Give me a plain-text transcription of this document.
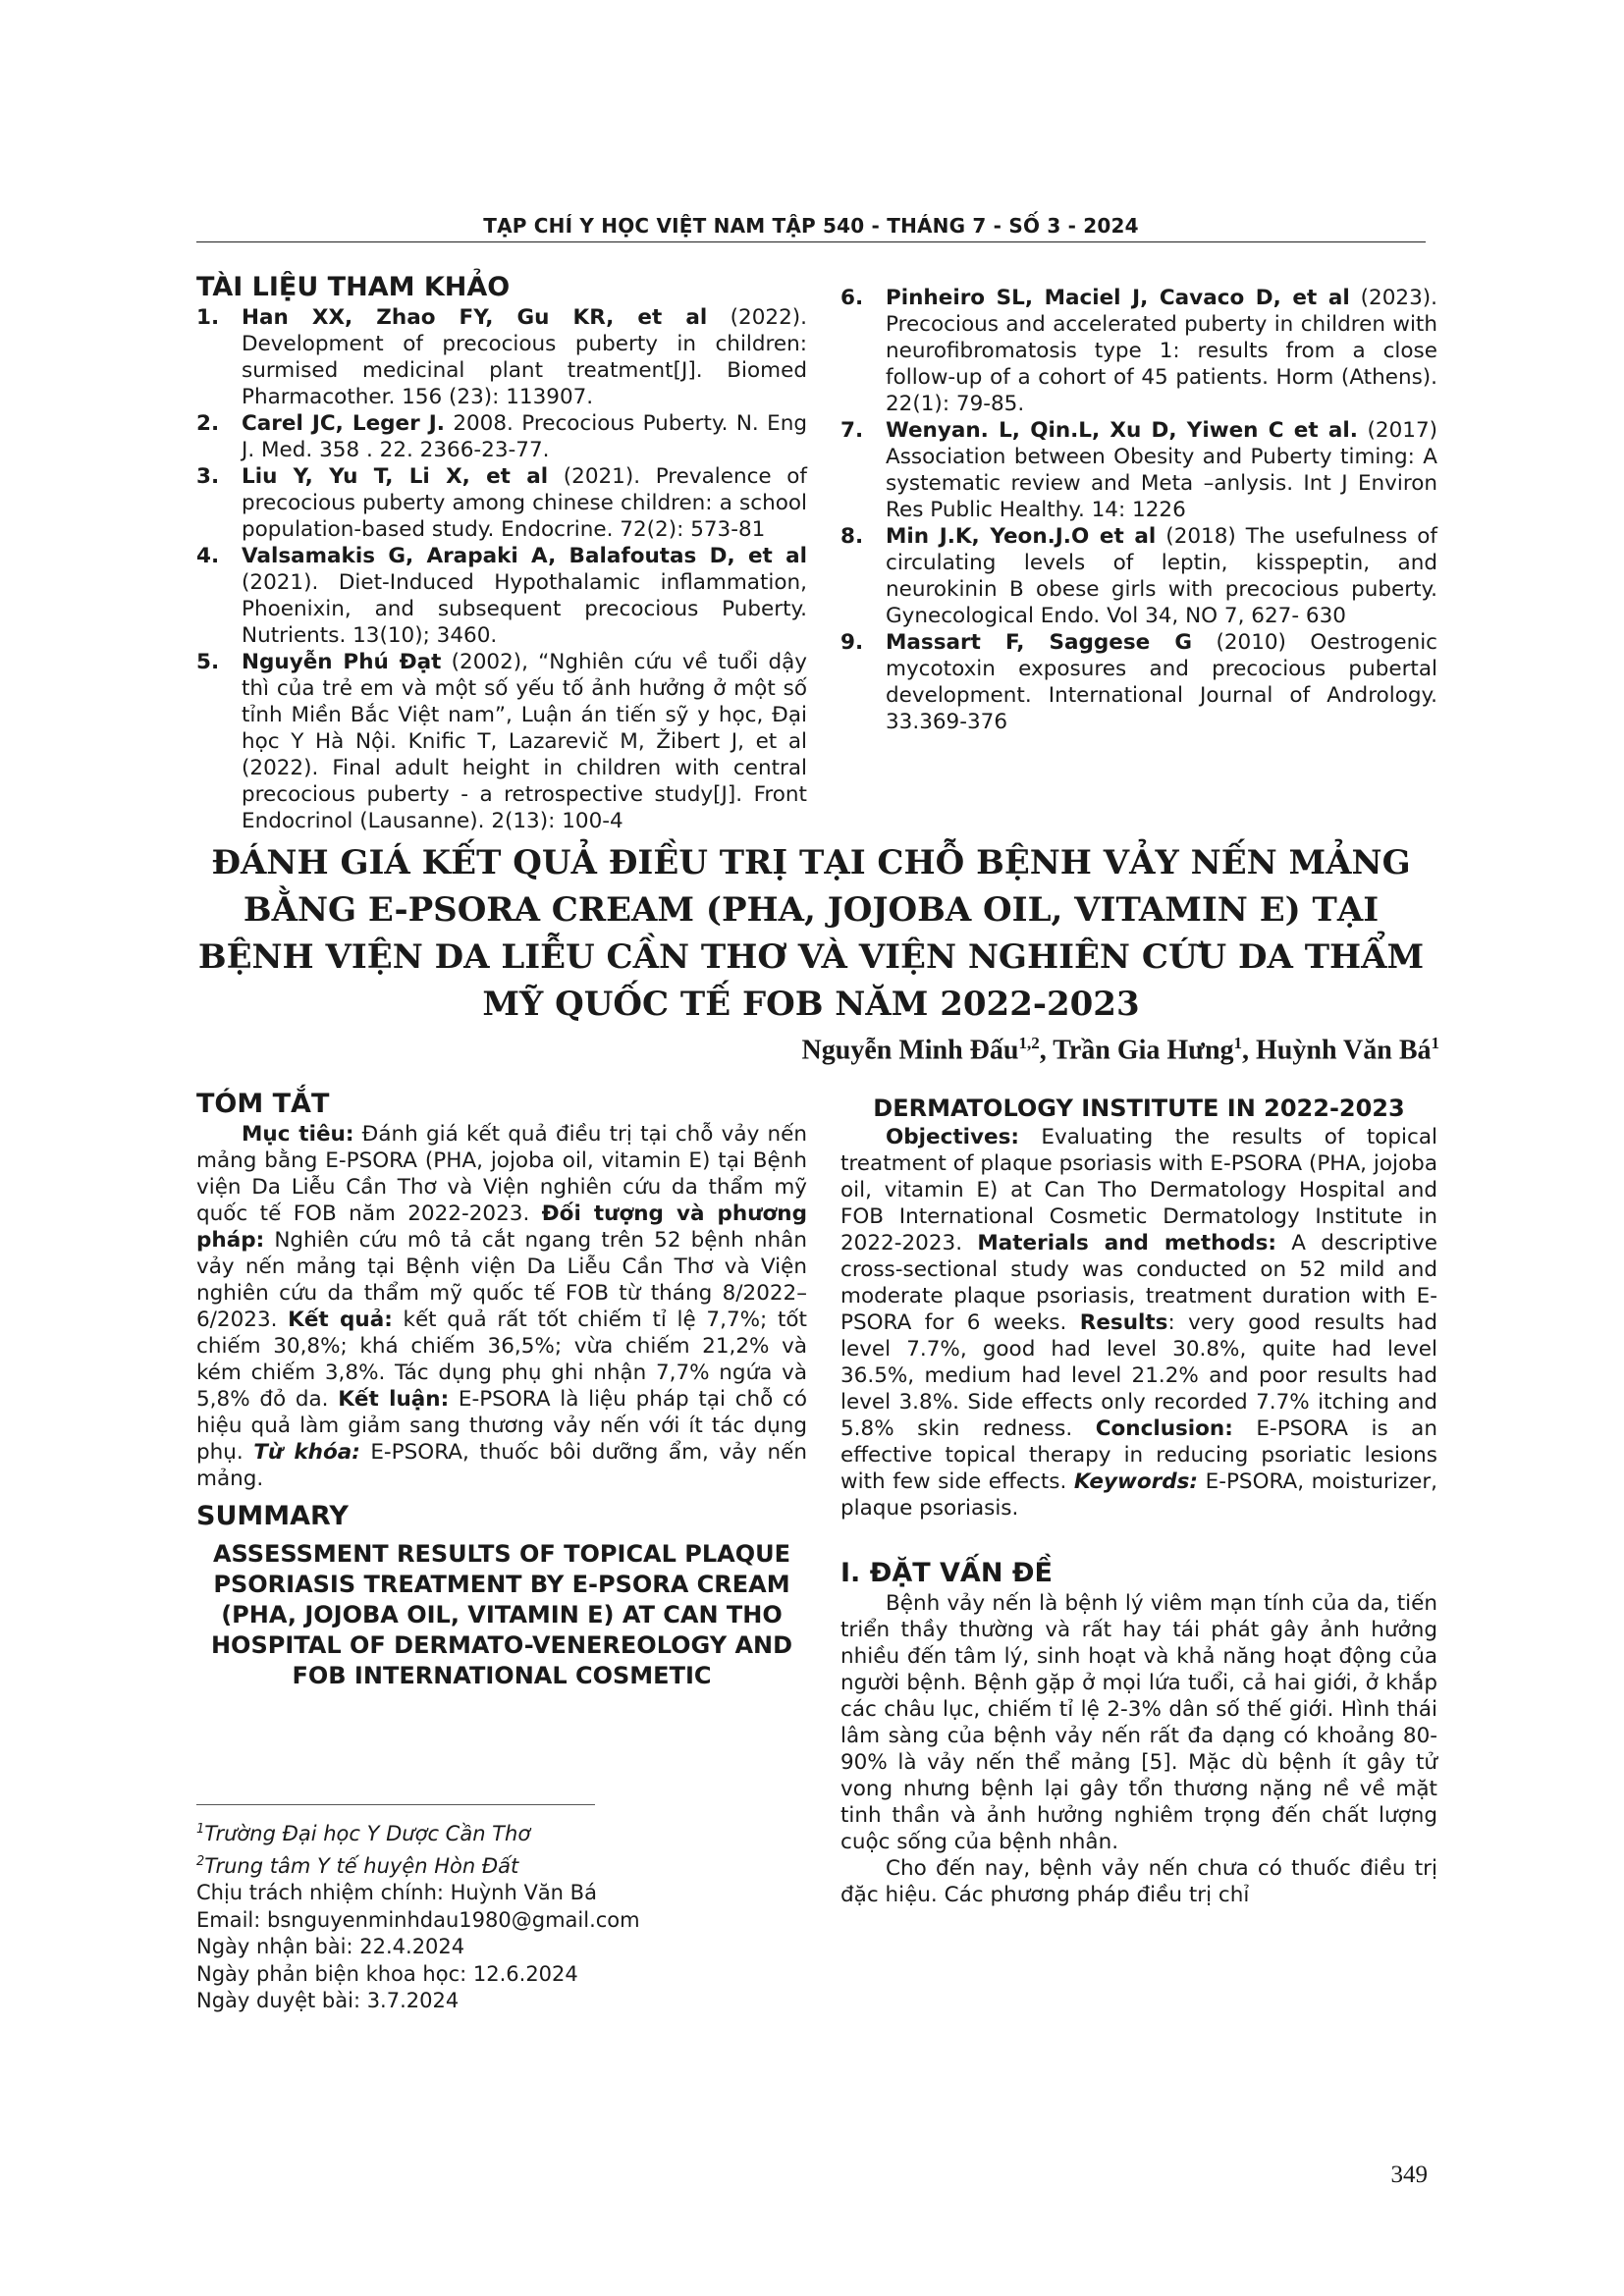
TẠP CHÍ Y HỌC VIỆT NAM TẬP 540 - THÁNG 7 - SỐ 3 - 2024

TÀI LIỆU THAM KHẢO

1.	Han XX, Zhao FY, Gu KR, et al (2022). Development of precocious puberty in children: surmised medicinal plant treatment[J]. Biomed Pharmacother. 156 (23): 113907.
2.	Carel JC, Leger J. 2008. Precocious Puberty. N. Eng J. Med. 358 . 22. 2366-23-77.
3.	Liu Y, Yu T, Li X, et al (2021). Prevalence of precocious puberty among chinese children: a school population-based study. Endocrine. 72(2): 573-81
4.	Valsamakis G, Arapaki A, Balafoutas D, et al (2021). Diet-Induced Hypothalamic inflammation, Phoenixin, and subsequent precocious Puberty. Nutrients. 13(10); 3460.
5.	Nguyễn Phú Đạt (2002), “Nghiên cứu về tuổi dậy thì của trẻ em và một số yếu tố ảnh hưởng ở một số tỉnh Miền Bắc Việt nam”, Luận án tiến sỹ y học, Đại học Y Hà Nội. Knific T, Lazarevič M, Žibert J, et al (2022). Final adult height in children with central precocious puberty - a retrospective study[J]. Front Endocrinol (Lausanne). 2(13): 100-4
6.	Pinheiro SL, Maciel J, Cavaco D, et al (2023). Precocious and accelerated puberty in children with neurofibromatosis type 1: results from a close follow-up of a cohort of 45 patients. Horm (Athens). 22(1): 79-85.
7.	Wenyan. L, Qin.L, Xu D, Yiwen C et al. (2017) Association between Obesity and Puberty timing: A systematic review and Meta –anlysis. Int J Environ Res Public Healthy. 14: 1226
8.	Min J.K, Yeon.J.O et al (2018) The usefulness of circulating levels of leptin, kisspeptin, and neurokinin B obese girls with precocious puberty. Gynecological Endo. Vol 34, NO 7, 627- 630
9.	Massart F, Saggese G (2010) Oestrogenic mycotoxin exposures and precocious pubertal development. International Journal of Andrology. 33.369-376
ĐÁNH GIÁ KẾT QUẢ ĐIỀU TRỊ TẠI CHỖ BỆNH VẢY NẾN MẢNG BẰNG E-PSORA CREAM (PHA, JOJOBA OIL, VITAMIN E) TẠI BỆNH VIỆN DA LIỄU CẦN THƠ VÀ VIỆN NGHIÊN CỨU DA THẨM MỸ QUỐC TẾ FOB NĂM 2022-2023
Nguyễn Minh Đấu$^{1,2}$, Trần Gia Hưng$^1$, Huỳnh Văn $Bá^1$

TÓM TẮT

Mục tiêu: Đánh giá kết quả điều trị tại chỗ vảy nến mảng bằng E-PSORA (PHA, jojoba oil, vitamin E) tại Bệnh viện Da Liễu Cần Thơ và Viện nghiên cứu da thẩm mỹ quốc tế FOB năm 2022-2023. Đối tượng và phương pháp: Nghiên cứu mô tả cắt ngang trên 52 bệnh nhân vảy nến mảng tại Bệnh viện Da Liễu Cần Thơ và Viện nghiên cứu da thẩm mỹ quốc tế FOB từ tháng 8/2022–6/2023. Kết quả: kết quả rất tốt chiếm tỉ lệ 7,7%; tốt chiếm 30,8%; khá chiếm 36,5%; vừa chiếm 21,2% và kém chiếm 3,8%. Tác dụng phụ ghi nhận 7,7% ngứa và 5,8% đỏ da. Kết luận: E-PSORA là liệu pháp tại chỗ có hiệu quả làm giảm sang thương vảy nến với ít tác dụng phụ. Từ khóa: E-PSORA, thuốc bôi dưỡng ẩm, vảy nến mảng.

SUMMARY

ASSESSMENT RESULTS OF TOPICAL PLAQUE PSORIASIS TREATMENT BY E-PSORA CREAM (PHA, JOJOBA OIL, VITAMIN E) AT CAN THO HOSPITAL OF DERMATO-VENEREOLOGY AND FOB INTERNATIONAL COSMETIC

$^1$Trường Đại học Y Dược Cần Thơ

$^2$Trung tâm Y tế huyện Hòn Đất

Chịu trách nhiệm chính: Huỳnh Văn Bá

Email: bsnguyenminhdau1980@gmail.com

Ngày nhận bài: 22.4.2024

Ngày phản biện khoa học: 12.6.2024

Ngày duyệt bài: 3.7.2024

DERMATOLOGY INSTITUTE IN 2022-2023

Objectives: Evaluating the results of topical treatment of plaque psoriasis with E-PSORA (PHA, jojoba oil, vitamin E) at Can Tho Dermatology Hospital and FOB International Cosmetic Dermatology Institute in 2022-2023. Materials and methods: A descriptive cross-sectional study was conducted on 52 mild and moderate plaque psoriasis, treatment duration with E-PSORA for 6 weeks. Results: very good results had level 7.7%, good had level 30.8%, quite had level 36.5%, medium had level 21.2% and poor results had level 3.8%. Side effects only recorded 7.7% itching and 5.8% skin redness. Conclusion: E-PSORA is an effective topical therapy in reducing psoriatic lesions with few side effects. Keywords: E-PSORA, moisturizer, plaque psoriasis.

I. ĐẶT VẤN ĐỀ

Bệnh vảy nến là bệnh lý viêm mạn tính của da, tiến triển thầy thường và rất hay tái phát gây ảnh hưởng nhiều đến tâm lý, sinh hoạt và khả năng hoạt động của người bệnh. Bệnh gặp ở mọi lứa tuổi, cả hai giới, ở khắp các châu lục, chiếm tỉ lệ 2-3% dân số thế giới. Hình thái lâm sàng của bệnh vảy nến rất đa dạng có khoảng 80-90% là vảy nến thể mảng [5]. Mặc dù bệnh ít gây tử vong nhưng bệnh lại gây tổn thương nặng nề về mặt tinh thần và ảnh hưởng nghiêm trọng đến chất lượng cuộc sống của bệnh nhân.

Cho đến nay, bệnh vảy nến chưa có thuốc điều trị đặc hiệu. Các phương pháp điều trị chỉ

349
